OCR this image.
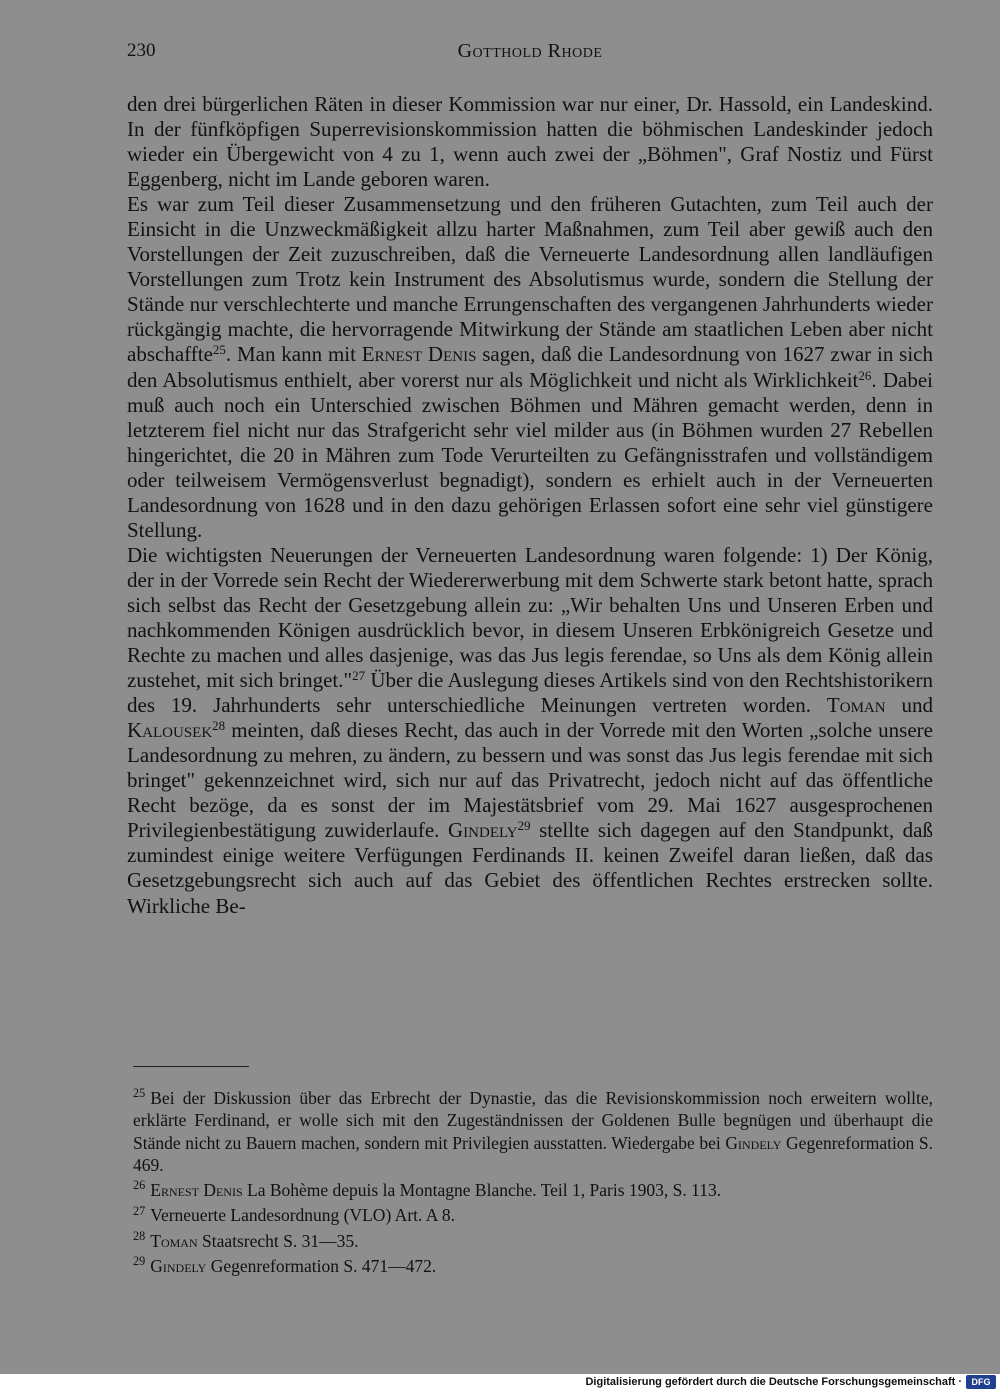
230	Gotthold Rhode

den drei bürgerlichen Räten in dieser Kommission war nur einer, Dr. Hassold, ein Landeskind. In der fünfköpfigen Superrevisionskommission hatten die böhmischen Landeskinder jedoch wieder ein Übergewicht von 4 zu 1, wenn auch zwei der „Böhmen", Graf Nostiz und Fürst Eggenberg, nicht im Lande geboren waren.

Es war zum Teil dieser Zusammensetzung und den früheren Gutachten, zum Teil auch der Einsicht in die Unzweckmäßigkeit allzu harter Maßnahmen, zum Teil aber gewiß auch den Vorstellungen der Zeit zuzuschreiben, daß die Verneuerte Landesordnung allen landläufigen Vorstellungen zum Trotz kein Instrument des Absolutismus wurde, sondern die Stellung der Stände nur verschlechterte und manche Errungenschaften des vergangenen Jahrhunderts wieder rückgängig machte, die hervorragende Mitwirkung der Stände am staatlichen Leben aber nicht abschaffte$^{25}$. Man kann mit Ernest Denis sagen, daß die Landesordnung von 1627 zwar in sich den Absolutismus enthielt, aber vorerst nur als Möglichkeit und nicht als Wirklichkeit$^{26}$. Dabei muß auch noch ein Unterschied zwischen Böhmen und Mähren gemacht werden, denn in letzterem fiel nicht nur das Strafgericht sehr viel milder aus (in Böhmen wurden 27 Rebellen hingerichtet, die 20 in Mähren zum Tode Verurteilten zu Gefängnisstrafen und vollständigem oder teilweisem Vermögensverlust begnadigt), sondern es erhielt auch in der Verneuerten Landesordnung von 1628 und in den dazu gehörigen Erlassen sofort eine sehr viel günstigere Stellung.

Die wichtigsten Neuerungen der Verneuerten Landesordnung waren folgende: 1) Der König, der in der Vorrede sein Recht der Wiedererwerbung mit dem Schwerte stark betont hatte, sprach sich selbst das Recht der Gesetzgebung allein zu: „Wir behalten Uns und Unseren Erben und nachkommenden Königen ausdrücklich bevor, in diesem Unseren Erbkönigreich Gesetze und Rechte zu machen und alles dasjenige, was das Jus legis ferendae, so Uns als dem König allein zustehet, mit sich bringet."$^{27}$ Über die Auslegung dieses Artikels sind von den Rechtshistorikern des 19. Jahrhunderts sehr unterschiedliche Meinungen vertreten worden. Toman und Kalousek$^{28}$ meinten, daß dieses Recht, das auch in der Vorrede mit den Worten „solche unsere Landesordnung zu mehren, zu ändern, zu bessern und was sonst das Jus legis ferendae mit sich bringet" gekennzeichnet wird, sich nur auf das Privatrecht, jedoch nicht auf das öffentliche Recht bezöge, da es sonst der im Majestätsbrief vom 29. Mai 1627 ausgesprochenen Privilegienbestätigung zuwiderlaufe. Gindely$^{29}$ stellte sich dagegen auf den Standpunkt, daß zumindest einige weitere Verfügungen Ferdinands II. keinen Zweifel daran ließen, daß das Gesetzgebungsrecht sich auch auf das Gebiet des öffentlichen Rechtes erstrecken sollte. Wirkliche Be-

$^{25}$ Bei der Diskussion über das Erbrecht der Dynastie, das die Revisionskommission noch erweitern wollte, erklärte Ferdinand, er wolle sich mit den Zugeständnissen der Goldenen Bulle begnügen und überhaupt die Stände nicht zu Bauern machen, sondern mit Privilegien ausstatten. Wiedergabe bei Gindely Gegenreformation S. 469.

$^{26}$ Ernest Denis La Bohème depuis la Montagne Blanche. Teil 1, Paris 1903, S. 113.

$^{27}$ Verneuerte Landesordnung (VLO) Art. A 8.

$^{28}$ Toman Staatsrecht S. 31—35.

$^{29}$ Gindely Gegenreformation S. 471—472.

Digitalisierung gefördert durch die Deutsche Forschungsgemeinschaft ·	DFG
